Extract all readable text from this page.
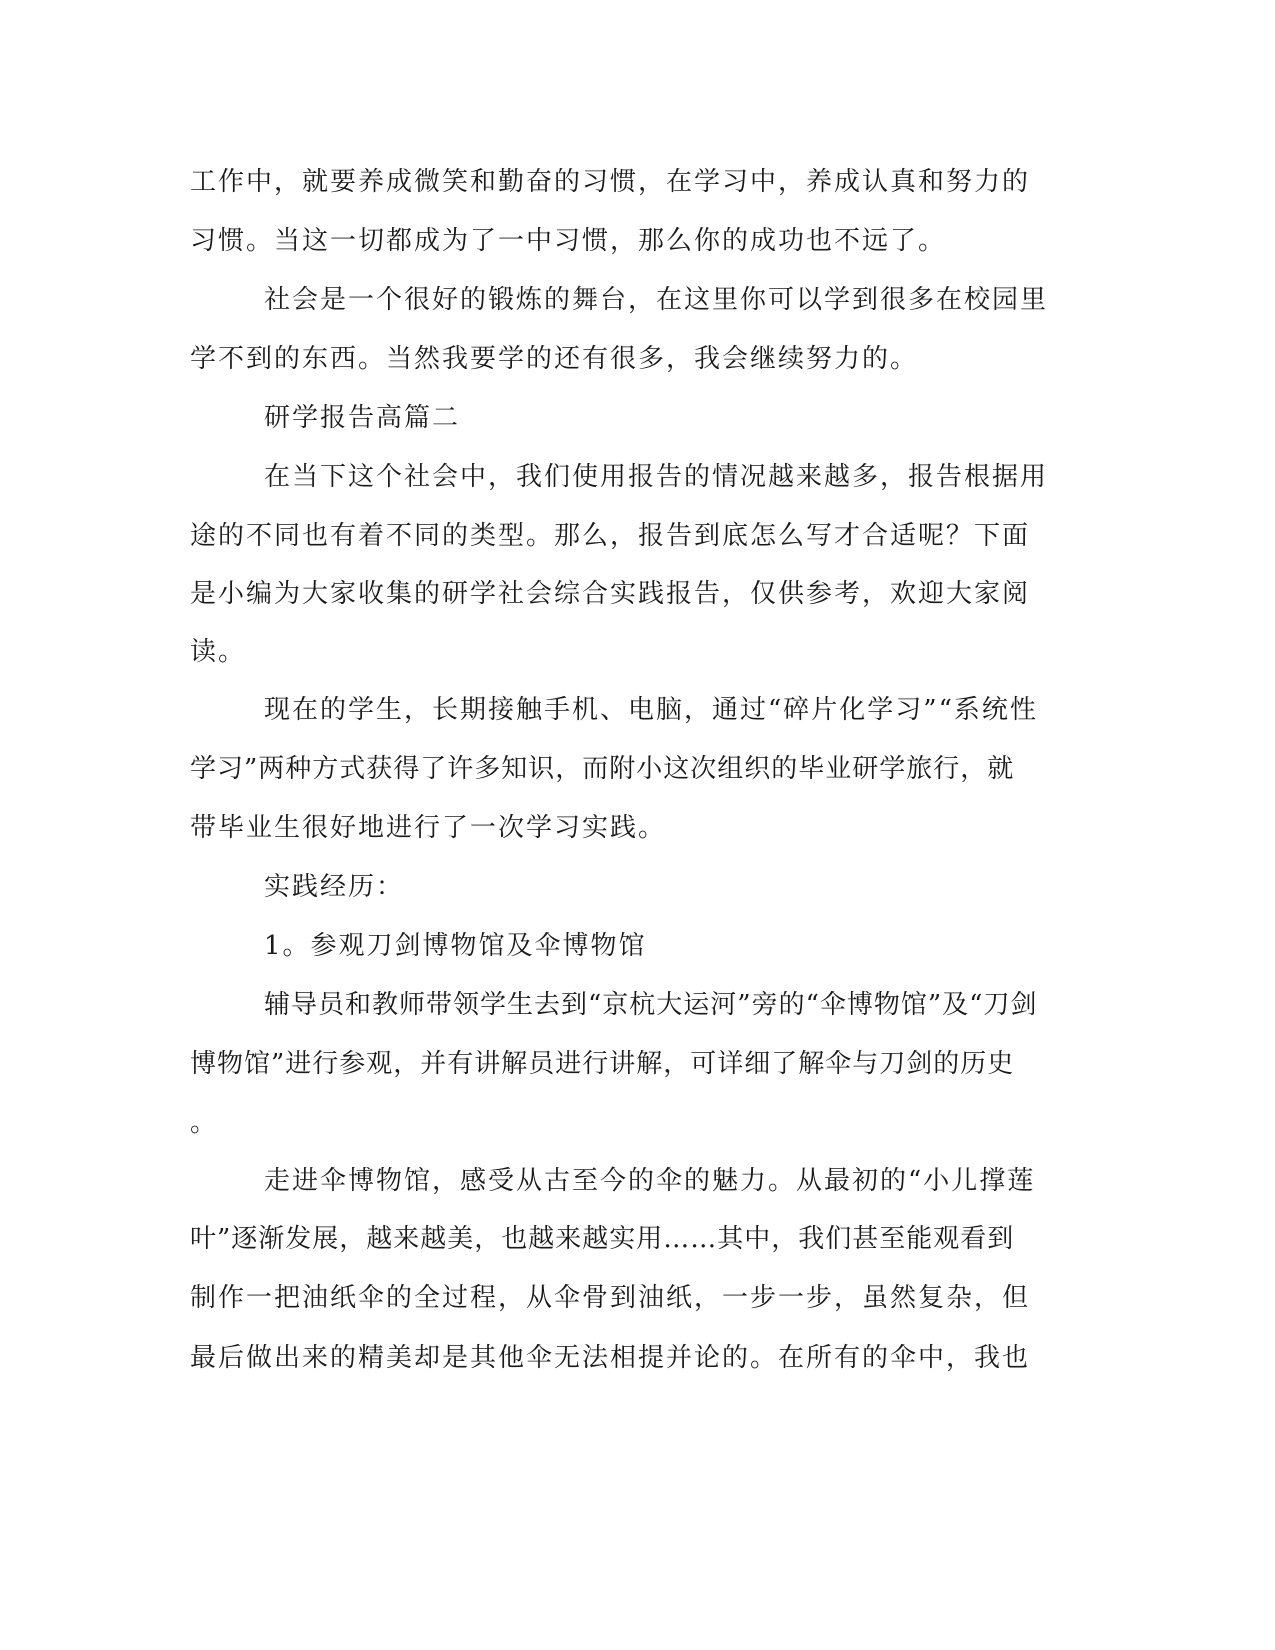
工作中，就要养成微笑和勤奋的习惯，在学习中，养成认真和努力的

习惯。当这一切都成为了一中习惯，那么你的成功也不远了。

社会是一个很好的锻炼的舞台，在这里你可以学到很多在校园里

学不到的东西。当然我要学的还有很多，我会继续努力的。

研学报告高篇二

在当下这个社会中，我们使用报告的情况越来越多，报告根据用

途的不同也有着不同的类型。那么，报告到底怎么写才合适呢？下面

是小编为大家收集的研学社会综合实践报告，仅供参考，欢迎大家阅

读。

现在的学生，长期接触手机、电脑，通过“碎片化学习”“系统性

学习”两种方式获得了许多知识，而附小这次组织的毕业研学旅行，就

带毕业生很好地进行了一次学习实践。

实践经历：

1。参观刀剑博物馆及伞博物馆

辅导员和教师带领学生去到“京杭大运河”旁的“伞博物馆”及“刀剑

博物馆”进行参观，并有讲解员进行讲解，可详细了解伞与刀剑的历史

。

走进伞博物馆，感受从古至今的伞的魅力。从最初的“小儿撑莲

叶”逐渐发展，越来越美，也越来越实用……其中，我们甚至能观看到

制作一把油纸伞的全过程，从伞骨到油纸，一步一步，虽然复杂，但

最后做出来的精美却是其他伞无法相提并论的。在所有的伞中，我也
